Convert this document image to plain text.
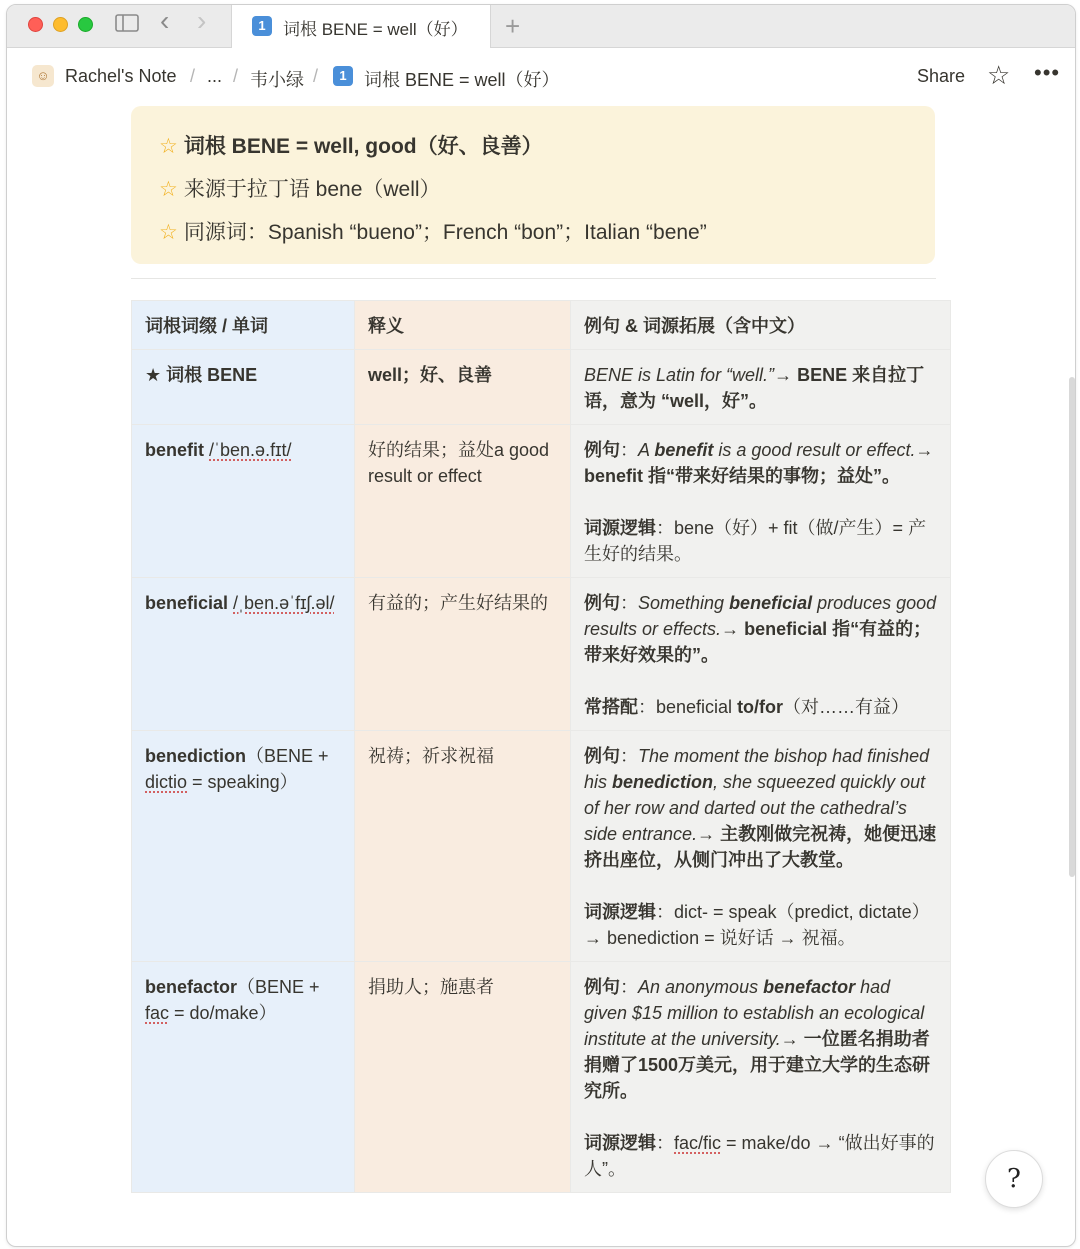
‹ ›	1	词根 BENE = well（好） +
☺ Rachel's Note / ... / 韦小绿 /	1 词根 BENE = well（好）	Share ☆ •••
☆ 词根 BENE = well, good（好、良善）
☆ 来源于拉丁语 bene（well）
☆ 同源词：Spanish “bueno”；French “bon”；Italian “bene”
词根词缀 / 单词	释义	例句 & 词源拓展（含中文）
★ 词根 BENE	well；好、良善	BENE is Latin for “well.”→ BENE 来自拉丁语，意为 “well，好”。
benefit /ˈben.ə.fɪt/	好的结果；益处a good result or effect	例句：A benefit is a good result or effect.→ benefit 指“带来好结果的事物；益处”。

词源逻辑：bene（好）+ fit（做/产生）= 产生好的结果。

beneficial /ˌben.əˈfɪʃ.əl/	有益的；产生好结果的	例句：Something beneficial produces good results or effects.→ beneficial 指“有益的；带来好效果的”。

常搭配：beneficial to/for（对……有益）

benediction（BENE + dictio = speaking）	祝祷；祈求祝福	例句：The moment the bishop had finished his benediction, she squeezed quickly out of her row and darted out the cathedral’s side entrance.→ 主教刚做完祝祷，她便迅速挤出座位，从侧门冲出了大教堂。

词源逻辑：dict- = speak（predict, dictate）→ benediction = 说好话 → 祝福。

benefactor（BENE + fac = do/make）	捐助人；施惠者	例句：An anonymous benefactor had given $15 million to establish an ecological institute at the university.→ 一位匿名捐助者捐赠了1500万美元，用于建立大学的生态研究所。

词源逻辑：fac/fic = make/do → “做出好事的人”。	?
